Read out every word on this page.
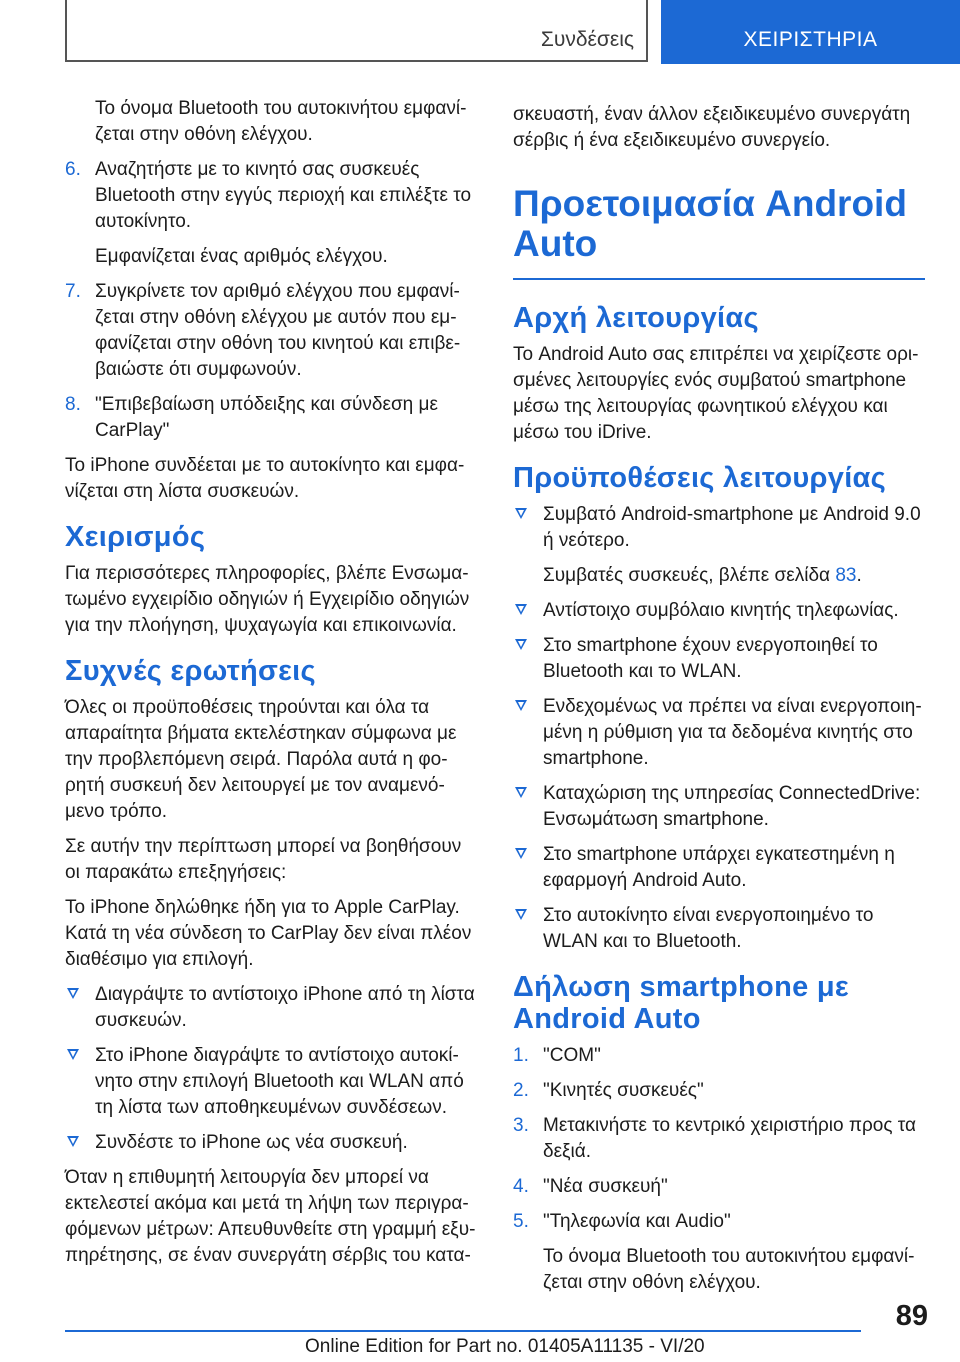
Συνδέσεις	ΧΕΙΡΙΣΤΗΡΙΑ

Το όνομα Bluetooth του αυτοκινήτου εμφανί‐ζεται στην οθόνη ελέγχου.

6. Αναζητήστε με το κινητό σας συσκευές Bluetooth στην εγγύς περιοχή και επιλέξτε το αυτοκίνητο.

Εμφανίζεται ένας αριθμός ελέγχου.

7. Συγκρίνετε τον αριθμό ελέγχου που εμφανί‐ζεται στην οθόνη ελέγχου με αυτόν που εμ‐φανίζεται στην οθόνη του κινητού και επιβε‐βαιώστε ότι συμφωνούν.

8. "Επιβεβαίωση υπόδειξης και σύνδεση με CarPlay"

Το iPhone συνδέεται με το αυτοκίνητο και εμφα‐νίζεται στη λίστα συσκευών.

Χειρισμός

Για περισσότερες πληροφορίες, βλέπε Ενσωμα‐τωμένο εγχειρίδιο οδηγιών ή Εγχειρίδιο οδηγιών για την πλοήγηση, ψυχαγωγία και επικοινωνία.

Συχνές ερωτήσεις

Όλες οι προϋποθέσεις τηρούνται και όλα τα απαραίτητα βήματα εκτελέστηκαν σύμφωνα με την προβλεπόμενη σειρά. Παρόλα αυτά η φο‐ρητή συσκευή δεν λειτουργεί με τον αναμενό‐μενο τρόπο.

Σε αυτήν την περίπτωση μπορεί να βοηθήσουν οι παρακάτω επεξηγήσεις:

Το iPhone δηλώθηκε ήδη για το Apple CarPlay. Κατά τη νέα σύνδεση το CarPlay δεν είναι πλέον διαθέσιμο για επιλογή.

Διαγράψτε το αντίστοιχο iPhone από τη λίστα συσκευών.

Στο iPhone διαγράψτε το αντίστοιχο αυτοκί‐νητο στην επιλογή Bluetooth και WLAN από τη λίστα των αποθηκευμένων συνδέσεων.

Συνδέστε το iPhone ως νέα συσκευή.

Όταν η επιθυμητή λειτουργία δεν μπορεί να εκτελεστεί ακόμα και μετά τη λήψη των περιγρα‐φόμενων μέτρων: Απευθυνθείτε στη γραμμή εξυ‐πηρέτησης, σε έναν συνεργάτη σέρβις του κατα‐

σκευαστή, έναν άλλον εξειδικευμένο συνεργάτη σέρβις ή ένα εξειδικευμένο συνεργείο.

Προετοιμασία Android Auto
Αρχή λειτουργίας

Το Android Auto σας επιτρέπει να χειρίζεστε ορι‐σμένες λειτουργίες ενός συμβατού smartphone μέσω της λειτουργίας φωνητικού ελέγχου και μέσω του iDrive.

Προϋποθέσεις λειτουργίας

Συμβατό Android-smartphone με Android 9.0 ή νεότερο.

Συμβατές συσκευές, βλέπε σελίδα 83.

Αντίστοιχο συμβόλαιο κινητής τηλεφωνίας.

Στο smartphone έχουν ενεργοποιηθεί το Bluetooth και το WLAN.

Ενδεχομένως να πρέπει να είναι ενεργοποιη‐μένη η ρύθμιση για τα δεδομένα κινητής στο smartphone.

Καταχώριση της υπηρεσίας ConnectedDrive: Ενσωμάτωση smartphone.

Στο smartphone υπάρχει εγκατεστημένη η εφαρμογή Android Auto.

Στο αυτοκίνητο είναι ενεργοποιημένο το WLAN και το Bluetooth.

Δήλωση smartphone με Android Auto
1. "COM"

2. "Κινητές συσκευές"

3. Μετακινήστε το κεντρικό χειριστήριο προς τα δεξιά.

4. "Νέα συσκευή"

5. "Τηλεφωνία και Audio"

Το όνομα Bluetooth του αυτοκινήτου εμφανί‐ζεται στην οθόνη ελέγχου.

89
Online Edition for Part no. 01405A11135 - VI/20
